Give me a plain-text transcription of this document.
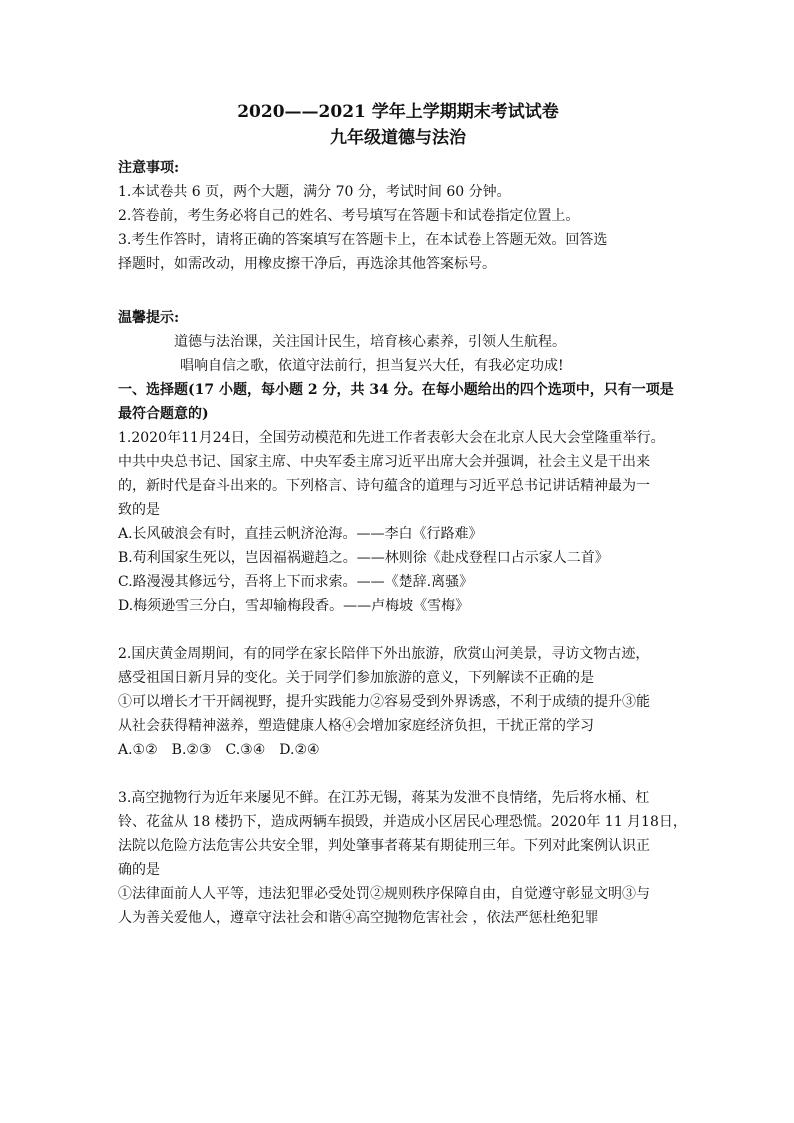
2020——2021 学年上学期期末考试试卷

九年级道德与法治

注意事项:

1.本试卷共 6 页，两个大题，满分 70 分，考试时间 60 分钟。

2.答卷前，考生务必将自己的姓名、考号填写在答题卡和试卷指定位置上。

3.考生作答时，请将正确的答案填写在答题卡上，在本试卷上答题无效。回答选

择题时，如需改动，用橡皮擦干净后，再选涂其他答案标号。

温馨提示:

道德与法治课，关注国计民生，培育核心素养，引领人生航程。

唱响自信之歌，依道守法前行，担当复兴大任，有我必定功成!

一、选择题(17 小题，每小题 2 分，共 34 分。在每小题给出的四个选项中，只有一项是

最符合题意的)

1.2020年11月24日，全国劳动模范和先进工作者表彰大会在北京人民大会堂隆重举行。

中共中央总书记、国家主席、中央军委主席习近平出席大会并强调，社会主义是干出来

的，新时代是奋斗出来的。下列格言、诗句蕴含的道理与习近平总书记讲话精神最为一

致的是

A.长风破浪会有时，直挂云帆济沧海。——李白《行路难》

B.苟利国家生死以，岂因福祸避趋之。——林则徐《赴戍登程口占示家人二首》

C.路漫漫其修远兮，吾将上下而求索。——《楚辞.离骚》

D.梅须逊雪三分白，雪却输梅段香。——卢梅坡《雪梅》

2.国庆黄金周期间，有的同学在家长陪伴下外出旅游，欣赏山河美景，寻访文物古迹，

感受祖国日新月异的变化。关于同学们参加旅游的意义，下列解读不正确的是

①可以增长才干开阔视野，提升实践能力②容易受到外界诱惑，不利于成绩的提升③能

从社会获得精神滋养，塑造健康人格④会增加家庭经济负担，干扰正常的学习

A.①② B.②③ C.③④ D.②④

3.高空抛物行为近年来屡见不鲜。在江苏无锡，蒋某为发泄不良情绪，先后将水桶、杠

铃、花盆从 18 楼扔下，造成两辆车损毁，并造成小区居民心理恐慌。2020年 11 月18日，

法院以危险方法危害公共安全罪，判处肇事者蒋某有期徒刑三年。下列对此案例认识正

确的是

①法律面前人人平等，违法犯罪必受处罚②规则秩序保障自由，自觉遵守彰显文明③与

人为善关爱他人，遵章守法社会和谐④高空抛物危害社会 ，依法严惩杜绝犯罪
